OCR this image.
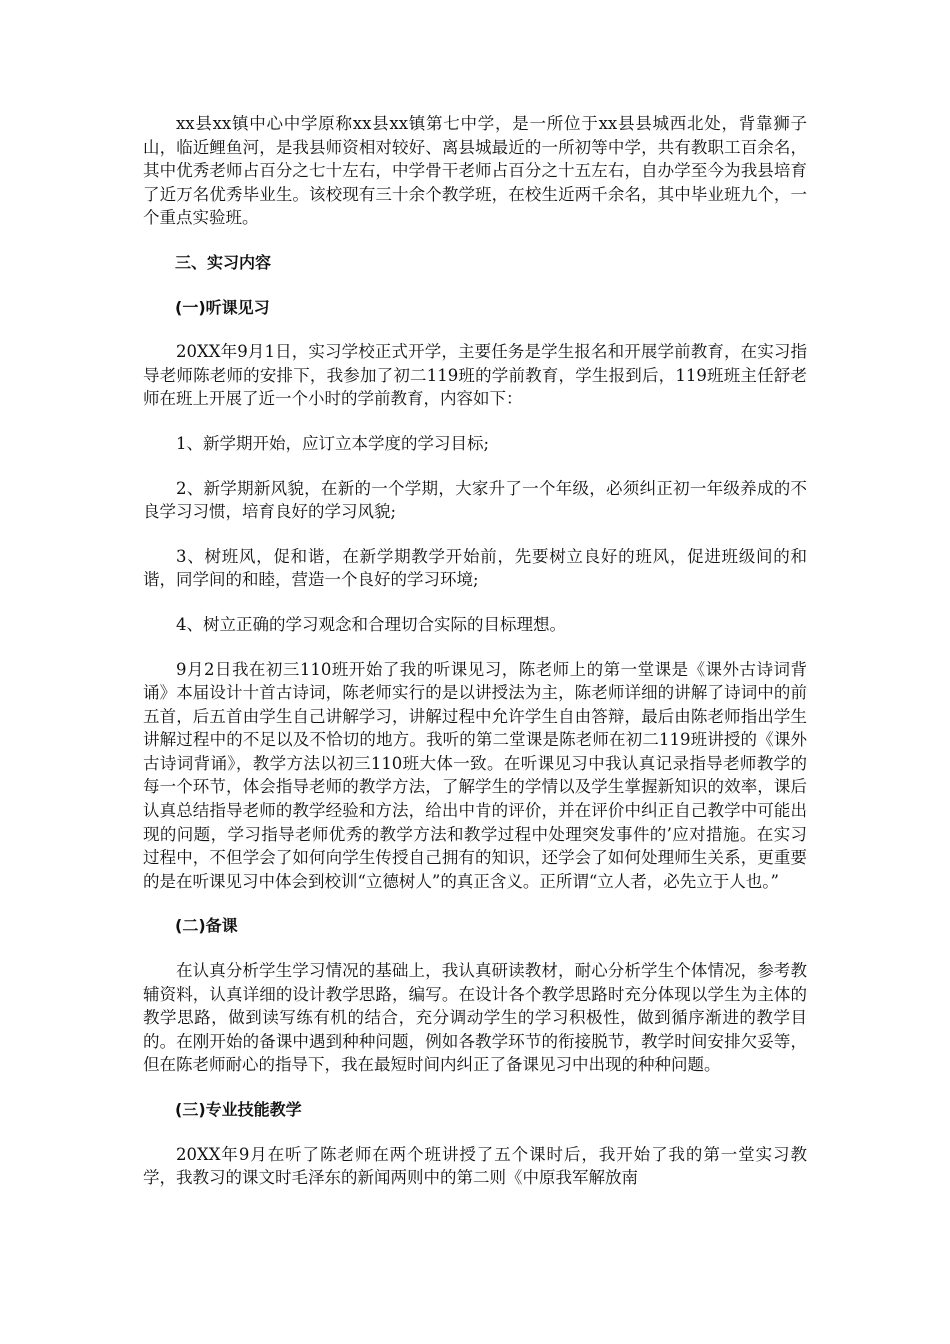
xx县xx镇中心中学原称xx县xx镇第七中学，是一所位于xx县县城西北处，背靠狮子山，临近鲤鱼河，是我县师资相对较好、离县城最近的一所初等中学，共有教职工百余名，其中优秀老师占百分之七十左右，中学骨干老师占百分之十五左右，自办学至今为我县培育了近万名优秀毕业生。该校现有三十余个教学班，在校生近两千余名，其中毕业班九个，一个重点实验班。

三、实习内容

(一)听课见习

20XX年9月1日，实习学校正式开学，主要任务是学生报名和开展学前教育，在实习指导老师陈老师的安排下，我参加了初二119班的学前教育，学生报到后，119班班主任舒老师在班上开展了近一个小时的学前教育，内容如下：

1、新学期开始，应订立本学度的学习目标;

2、新学期新风貌，在新的一个学期，大家升了一个年级，必须纠正初一年级养成的不良学习习惯，培育良好的学习风貌;

3、树班风，促和谐，在新学期教学开始前，先要树立良好的班风，促进班级间的和谐，同学间的和睦，营造一个良好的学习环境;

4、树立正确的学习观念和合理切合实际的目标理想。

9月2日我在初三110班开始了我的听课见习，陈老师上的第一堂课是《课外古诗词背诵》本届设计十首古诗词，陈老师实行的是以讲授法为主，陈老师详细的讲解了诗词中的前五首，后五首由学生自己讲解学习，讲解过程中允许学生自由答辩，最后由陈老师指出学生讲解过程中的不足以及不恰切的地方。我听的第二堂课是陈老师在初二119班讲授的《课外古诗词背诵》，教学方法以初三110班大体一致。在听课见习中我认真记录指导老师教学的每一个环节，体会指导老师的教学方法，了解学生的学情以及学生掌握新知识的效率，课后认真总结指导老师的教学经验和方法，给出中肯的评价，并在评价中纠正自己教学中可能出现的问题，学习指导老师优秀的教学方法和教学过程中处理突发事件的’应对措施。在实习过程中，不但学会了如何向学生传授自己拥有的知识，还学会了如何处理师生关系，更重要的是在听课见习中体会到校训“立德树人”的真正含义。正所谓“立人者，必先立于人也。”

(二)备课

在认真分析学生学习情况的基础上，我认真研读教材，耐心分析学生个体情况，参考教辅资料，认真详细的设计教学思路，编写。在设计各个教学思路时充分体现以学生为主体的教学思路，做到读写练有机的结合，充分调动学生的学习积极性，做到循序渐进的教学目的。在刚开始的备课中遇到种种问题，例如各教学环节的衔接脱节，教学时间安排欠妥等，但在陈老师耐心的指导下，我在最短时间内纠正了备课见习中出现的种种问题。

(三)专业技能教学

20XX年9月在听了陈老师在两个班讲授了五个课时后，我开始了我的第一堂实习教学，我教习的课文时毛泽东的新闻两则中的第二则《中原我军解放南
